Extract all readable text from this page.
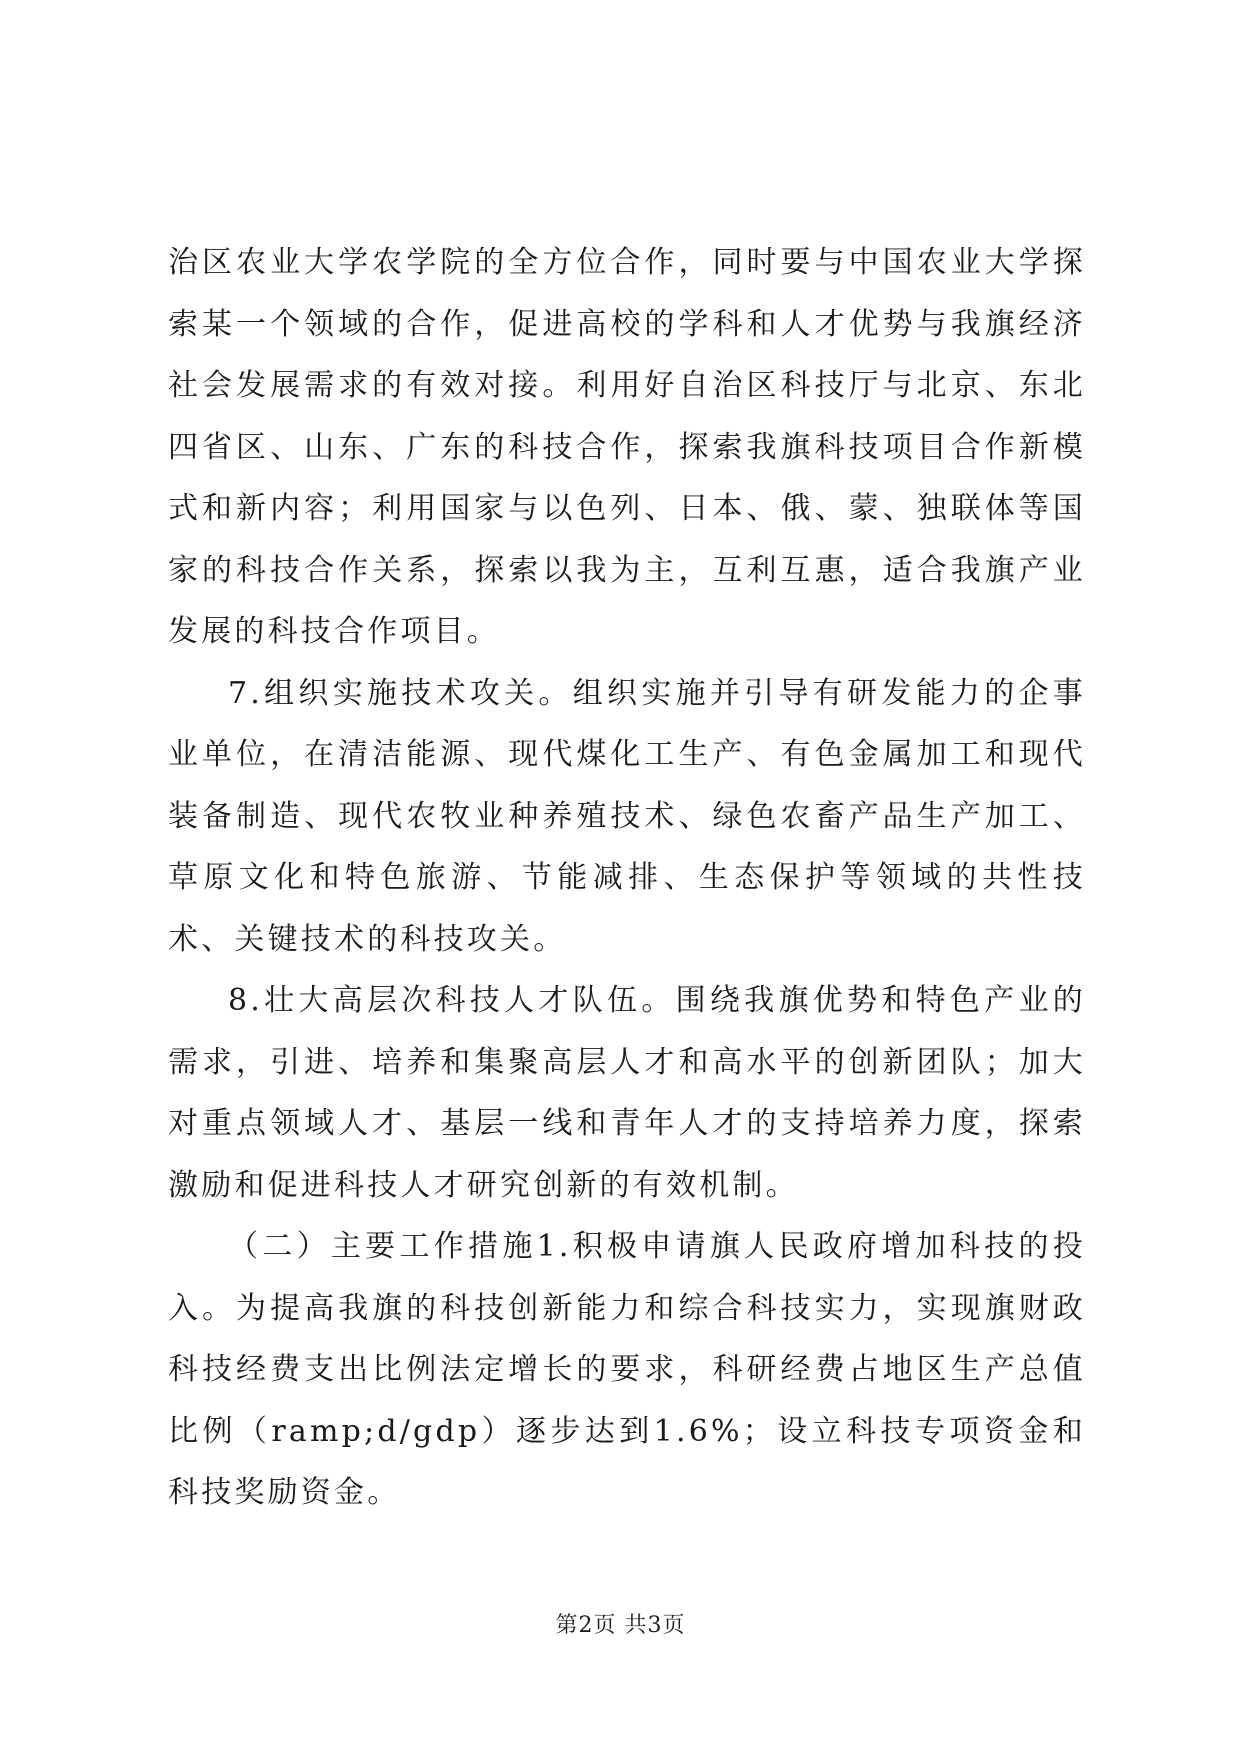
治区农业大学农学院的全方位合作，同时要与中国农业大学探索某一个领域的合作，促进高校的学科和人才优势与我旗经济社会发展需求的有效对接。利用好自治区科技厅与北京、东北四省区、山东、广东的科技合作，探索我旗科技项目合作新模式和新内容；利用国家与以色列、日本、俄、蒙、独联体等国家的科技合作关系，探索以我为主，互利互惠，适合我旗产业发展的科技合作项目。

7.组织实施技术攻关。组织实施并引导有研发能力的企事业单位，在清洁能源、现代煤化工生产、有色金属加工和现代装备制造、现代农牧业种养殖技术、绿色农畜产品生产加工、草原文化和特色旅游、节能减排、生态保护等领域的共性技术、关键技术的科技攻关。

8.壮大高层次科技人才队伍。围绕我旗优势和特色产业的需求，引进、培养和集聚高层人才和高水平的创新团队；加大对重点领域人才、基层一线和青年人才的支持培养力度，探索激励和促进科技人才研究创新的有效机制。

（二）主要工作措施1.积极申请旗人民政府增加科技的投入。为提高我旗的科技创新能力和综合科技实力，实现旗财政科技经费支出比例法定增长的要求，科研经费占地区生产总值比例（ramp;d/gdp）逐步达到1.6%；设立科技专项资金和科技奖励资金。

第2页 共3页
